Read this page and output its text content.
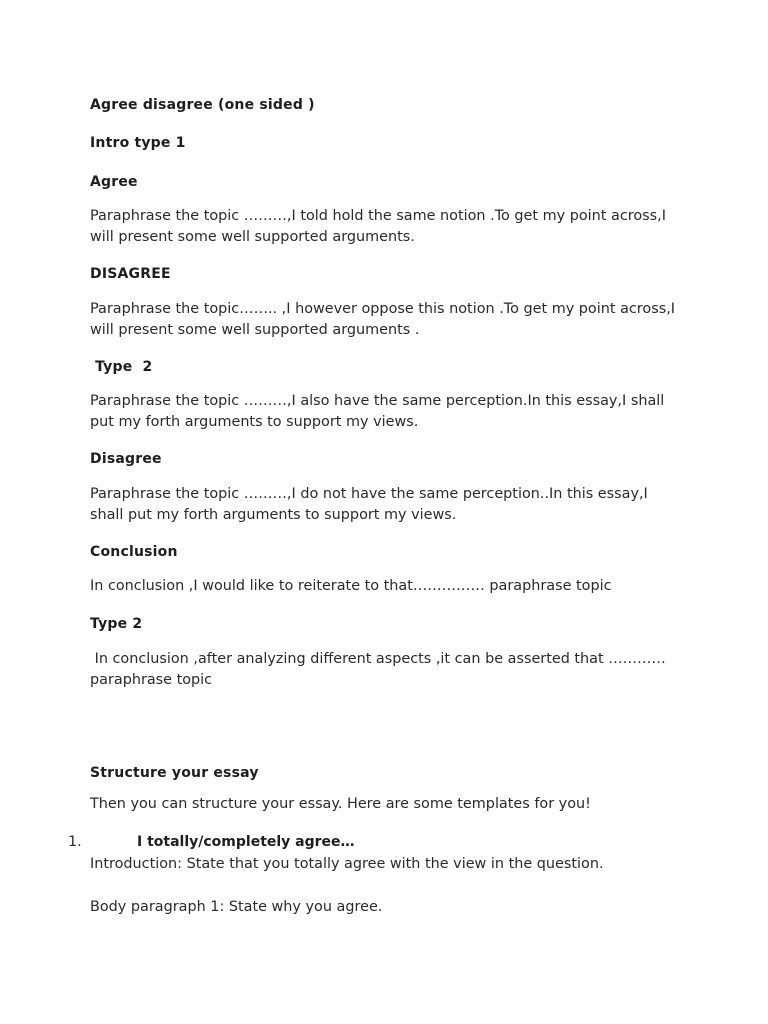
Agree disagree (one sided )
Intro type 1
Agree
Paraphrase the topic ………,I told hold the same notion .To get my point across,I will present some well supported arguments.
DISAGREE
Paraphrase the topic…….. ,I however oppose this notion .To get my point across,I will present some well supported arguments .
Type  2
Paraphrase the topic ………,I also have the same perception.In this essay,I shall put my forth arguments to support my views.
Disagree
Paraphrase the topic ………,I do not have the same perception..In this essay,I shall put my forth arguments to support my views.
Conclusion
In conclusion ,I would like to reiterate to that…………… paraphrase topic
Type 2
In conclusion ,after analyzing different aspects ,it can be asserted that ………… paraphrase topic
Structure your essay
Then you can structure your essay. Here are some templates for you!
1.	I totally/completely agree…
Introduction: State that you totally agree with the view in the question.
Body paragraph 1: State why you agree.
